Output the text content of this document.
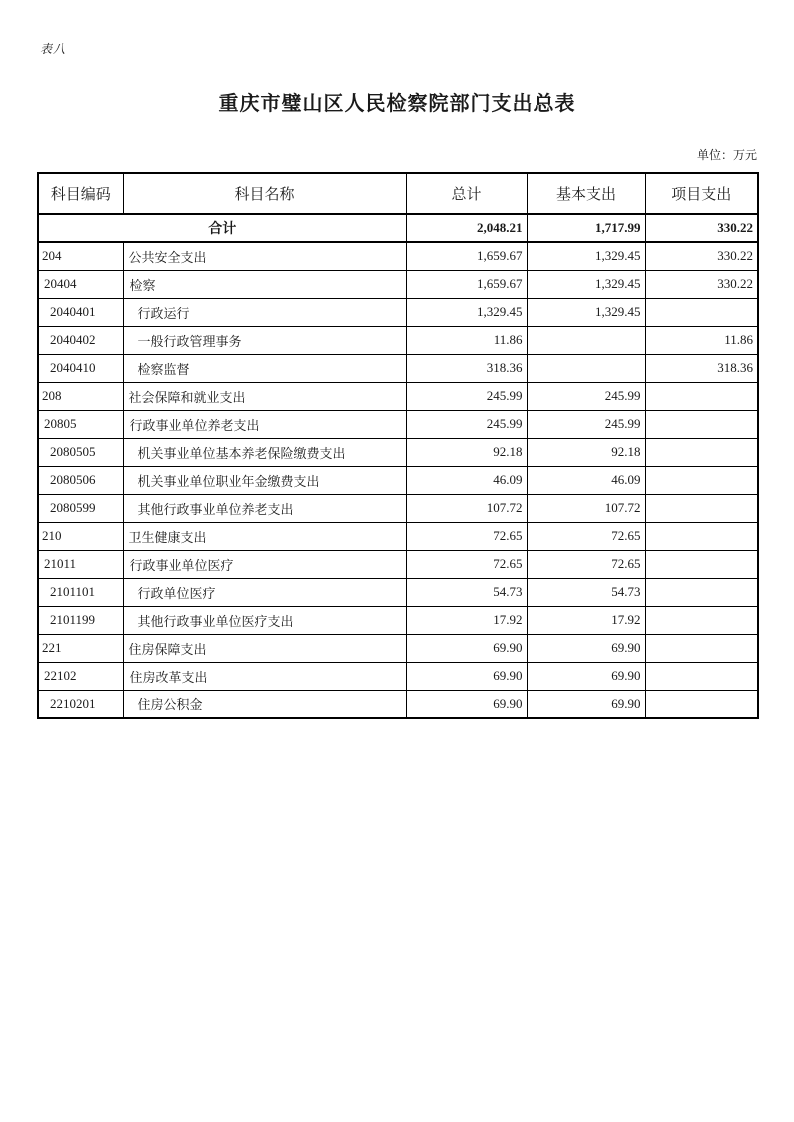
表八
重庆市璧山区人民检察院部门支出总表
单位：万元
科目编码	科目名称	总计	基本支出	项目支出
合计		2,048.21	1,717.99	330.22
204	公共安全支出	1,659.67	1,329.45	330.22
20404	检察	1,659.67	1,329.45	330.22
2040401	行政运行	1,329.45	1,329.45	
2040402	一般行政管理事务	11.86		11.86
2040410	检察监督	318.36		318.36
208	社会保障和就业支出	245.99	245.99	
20805	行政事业单位养老支出	245.99	245.99	
2080505	机关事业单位基本养老保险缴费支出	92.18	92.18	
2080506	机关事业单位职业年金缴费支出	46.09	46.09	
2080599	其他行政事业单位养老支出	107.72	107.72	
210	卫生健康支出	72.65	72.65	
21011	行政事业单位医疗	72.65	72.65	
2101101	行政单位医疗	54.73	54.73	
2101199	其他行政事业单位医疗支出	17.92	17.92	
221	住房保障支出	69.90	69.90	
22102	住房改革支出	69.90	69.90	
2210201	住房公积金	69.90	69.90	
